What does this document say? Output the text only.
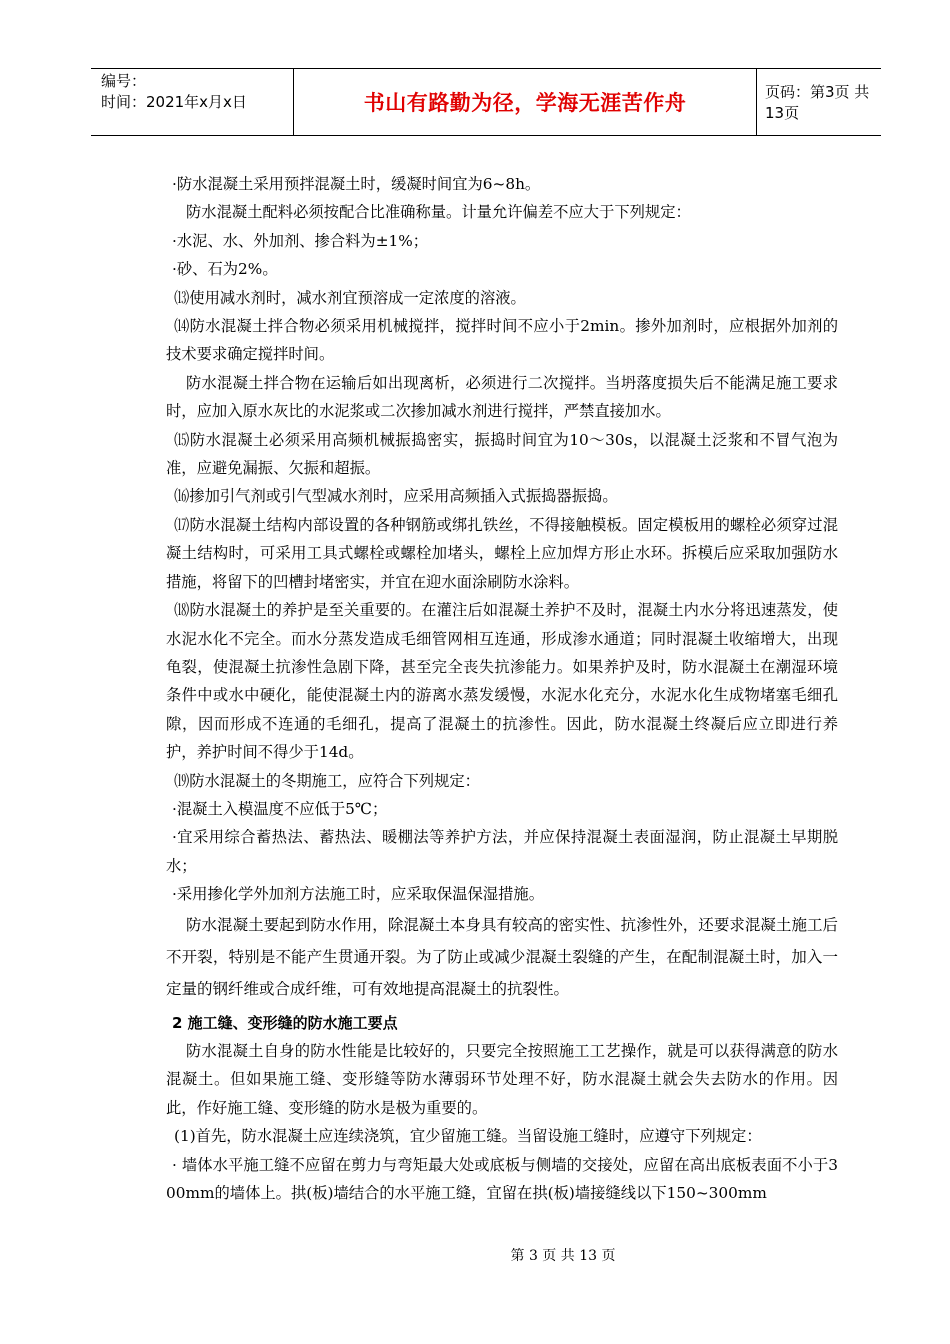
编号：
时间：2021年x月x日	书山有路勤为径，学海无涯苦作舟	页码：第3页 共13页

·防水混凝土采用预拌混凝土时，缓凝时间宜为6~8h。

防水混凝土配料必须按配合比准确称量。计量允许偏差不应大于下列规定：

·水泥、水、外加剂、掺合料为±1%；

·砂、石为2%。

⒀使用减水剂时，减水剂宜预溶成一定浓度的溶液。

⒁防水混凝土拌合物必须采用机械搅拌，搅拌时间不应小于2min。掺外加剂时，应根据外加剂的技术要求确定搅拌时间。

防水混凝土拌合物在运输后如出现离析，必须进行二次搅拌。当坍落度损失后不能满足施工要求时，应加入原水灰比的水泥浆或二次掺加减水剂进行搅拌，严禁直接加水。

⒂防水混凝土必须采用高频机械振捣密实，振捣时间宜为10～30s，以混凝土泛浆和不冒气泡为准，应避免漏振、欠振和超振。

⒃掺加引气剂或引气型减水剂时，应采用高频插入式振捣器振捣。

⒄防水混凝土结构内部设置的各种钢筋或绑扎铁丝，不得接触模板。固定模板用的螺栓必须穿过混凝土结构时，可采用工具式螺栓或螺栓加堵头，螺栓上应加焊方形止水环。拆模后应采取加强防水措施，将留下的凹槽封堵密实，并宜在迎水面涂刷防水涂料。

⒅防水混凝土的养护是至关重要的。在灌注后如混凝土养护不及时，混凝土内水分将迅速蒸发，使水泥水化不完全。而水分蒸发造成毛细管网相互连通，形成渗水通道；同时混凝土收缩增大，出现龟裂，使混凝土抗渗性急剧下降，甚至完全丧失抗渗能力。如果养护及时，防水混凝土在潮湿环境条件中或水中硬化，能使混凝土内的游离水蒸发缓慢，水泥水化充分，水泥水化生成物堵塞毛细孔隙，因而形成不连通的毛细孔，提高了混凝土的抗渗性。因此，防水混凝土终凝后应立即进行养护，养护时间不得少于14d。

⒆防水混凝土的冬期施工，应符合下列规定：

·混凝土入模温度不应低于5℃；

·宜采用综合蓄热法、蓄热法、暖棚法等养护方法，并应保持混凝土表面湿润，防止混凝土早期脱水；

·采用掺化学外加剂方法施工时，应采取保温保湿措施。

防水混凝土要起到防水作用，除混凝土本身具有较高的密实性、抗渗性外，还要求混凝土施工后不开裂，特别是不能产生贯通开裂。为了防止或减少混凝土裂缝的产生，在配制混凝土时，加入一定量的钢纤维或合成纤维，可有效地提高混凝土的抗裂性。

2 施工缝、变形缝的防水施工要点

防水混凝土自身的防水性能是比较好的，只要完全按照施工工艺操作，就是可以获得满意的防水混凝土。但如果施工缝、变形缝等防水薄弱环节处理不好，防水混凝土就会失去防水的作用。因此，作好施工缝、变形缝的防水是极为重要的。

(1)首先，防水混凝土应连续浇筑，宜少留施工缝。当留设施工缝时，应遵守下列规定：

· 墙体水平施工缝不应留在剪力与弯矩最大处或底板与侧墙的交接处，应留在高出底板表面不小于300mm的墙体上。拱(板)墙结合的水平施工缝，宜留在拱(板)墙接缝线以下150~300mm

第 3 页 共 13 页
